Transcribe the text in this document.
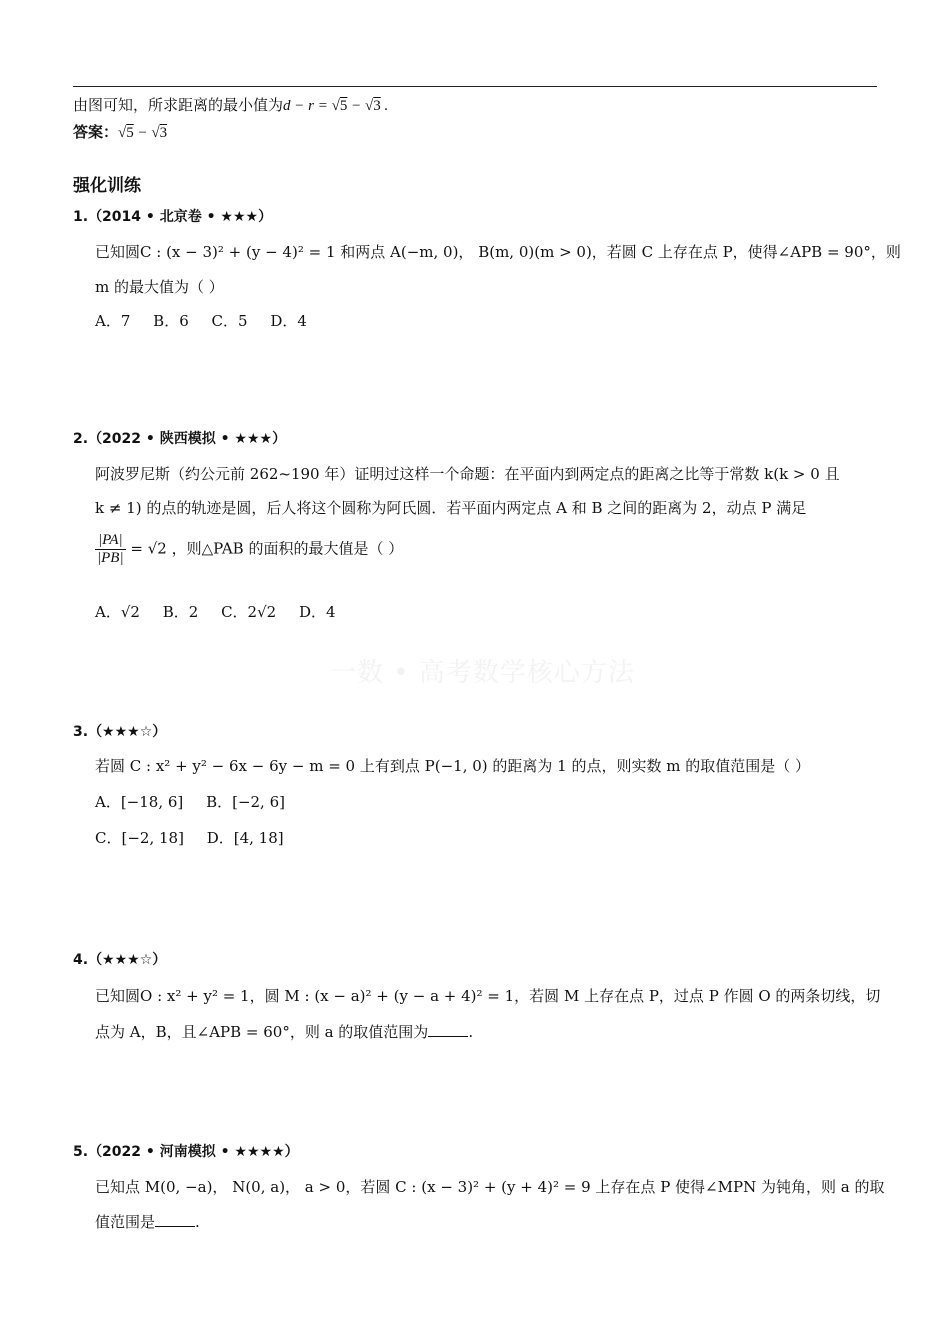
由图可知，所求距离的最小值为d − r = √5 − √3 .
答案：√5 − √3
强化训练
1.（2014 • 北京卷 • ★★★）
已知圆C : (x − 3)² + (y − 4)² = 1 和两点 A(−m, 0)， B(m, 0)(m > 0)，若圆 C 上存在点 P，使得∠APB = 90°，则
m 的最大值为（ ）
A．7 B．6 C．5 D．4
2.（2022 • 陕西模拟 • ★★★）
阿波罗尼斯（约公元前 262~190 年）证明过这样一个命题：在平面内到两定点的距离之比等于常数 k(k > 0 且
k ≠ 1) 的点的轨迹是圆，后人将这个圆称为阿氏圆．若平面内两定点 A 和 B 之间的距离为 2，动点 P 满足
$\frac{|PA|}{|PB|} = √2$ ，则△PAB 的面积的最大值是（ ）
A．√2 B．2 C．2√2 D．4
一数 • 高考数学核心方法
3.（★★★☆）
若圆 C : x² + y² − 6x − 6y − m = 0 上有到点 P(−1, 0) 的距离为 1 的点，则实数 m 的取值范围是（ ）
A．[−18, 6] B．[−2, 6]
C．[−2, 18] D．[4, 18]
4.（★★★☆）
已知圆O : x² + y² = 1，圆 M : (x − a)² + (y − a + 4)² = 1，若圆 M 上存在点 P，过点 P 作圆 O 的两条切线，切
点为 A，B，且∠APB = 60°，则 a 的取值范围为	.
5.（2022 • 河南模拟 • ★★★★）
已知点 M(0, −a)， N(0, a)， a > 0，若圆 C : (x − 3)² + (y + 4)² = 9 上存在点 P 使得∠MPN 为钝角，则 a 的取
值范围是	.
